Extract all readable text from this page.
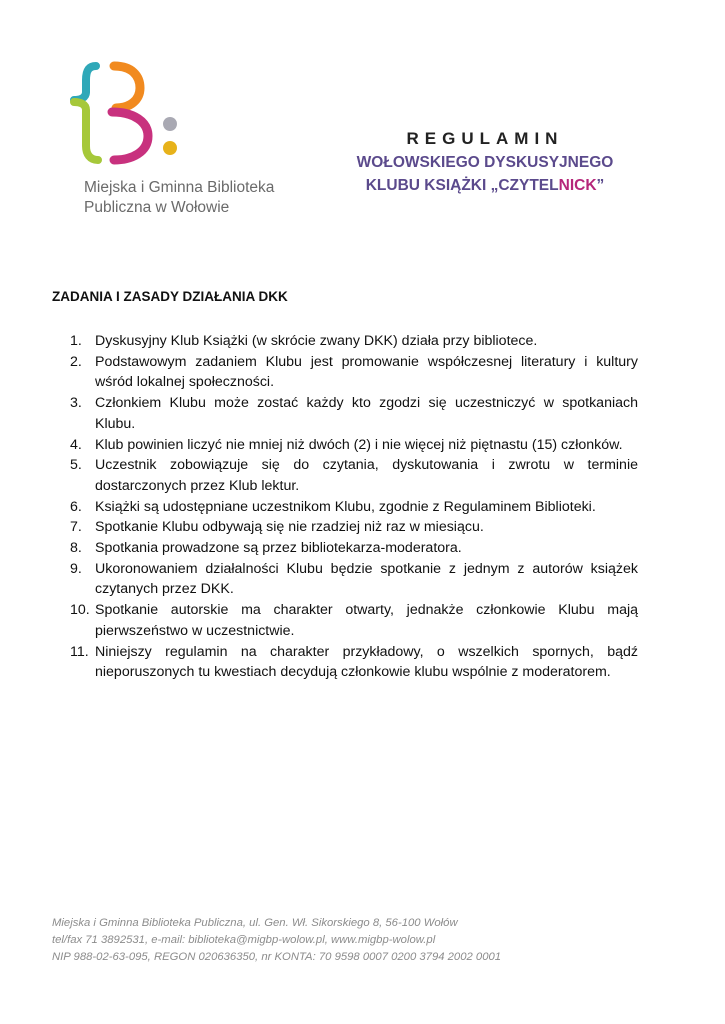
Miejska i Gminna Biblioteka
Publiczna w Wołowie
REGULAMIN
WOŁOWSKIEGO DYSKUSYJNEGO
KLUBU KSIĄŻKI „CZYTELNICK”
ZADANIA I ZASADY DZIAŁANIA DKK
1. Dyskusyjny Klub Książki (w skrócie zwany DKK) działa przy bibliotece.
2. Podstawowym zadaniem Klubu jest promowanie współczesnej literatury i kultury wśród lokalnej społeczności.
3. Członkiem Klubu może zostać każdy kto zgodzi się uczestniczyć w spotkaniach Klubu.
4. Klub powinien liczyć nie mniej niż dwóch (2) i nie więcej niż piętnastu (15) członków.
5. Uczestnik zobowiązuje się do czytania, dyskutowania i zwrotu w terminie dostarczonych przez Klub lektur.
6. Książki są udostępniane uczestnikom Klubu, zgodnie z Regulaminem Biblioteki.
7. Spotkanie Klubu odbywają się nie rzadziej niż raz w miesiącu.
8. Spotkania prowadzone są przez bibliotekarza-moderatora.
9. Ukoronowaniem działalności Klubu będzie spotkanie z jednym z autorów książek czytanych przez DKK.
10. Spotkanie autorskie ma charakter otwarty, jednakże członkowie Klubu mają pierwszeństwo w uczestnictwie.
11. Niniejszy regulamin na charakter przykładowy, o wszelkich spornych, bądź nieporuszonych tu kwestiach decydują członkowie klubu wspólnie z moderatorem.
Miejska i Gminna Biblioteka Publiczna, ul. Gen. Wł. Sikorskiego 8, 56-100 Wołów
tel/fax 71 3892531, e-mail: biblioteka@migbp-wolow.pl, www.migbp-wolow.pl
NIP 988-02-63-095, REGON 020636350, nr KONTA: 70 9598 0007 0200 3794 2002 0001
